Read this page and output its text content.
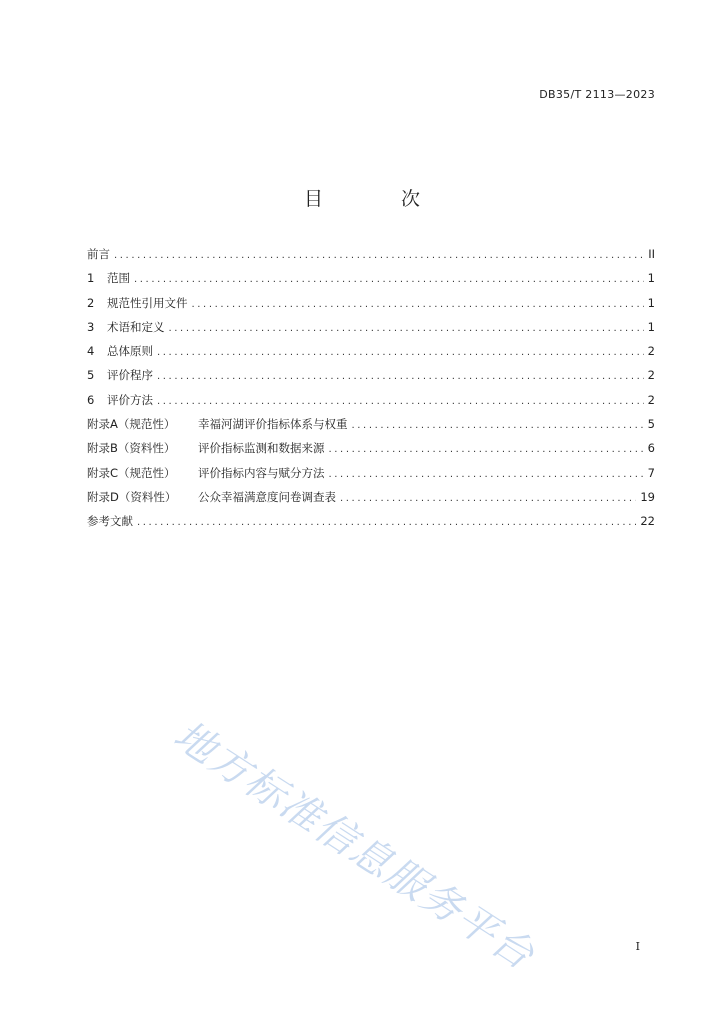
DB35/T 2113—2023
目 次
前言 .....	II
1 范围 .....	1
2 规范性引用文件 .....	1
3 术语和定义 .....	1
4 总体原则 .....	2
5 评价程序 .....	2
6 评价方法 .....	2
附录A（规范性） 幸福河湖评价指标体系与权重 .....	5
附录B（资料性） 评价指标监测和数据来源 .....	6
附录C（规范性） 评价指标内容与赋分方法 .....	7
附录D（资料性） 公众幸福满意度问卷调查表 .....	19
参考文献 .....	22
地方标准信息服务平台	I
